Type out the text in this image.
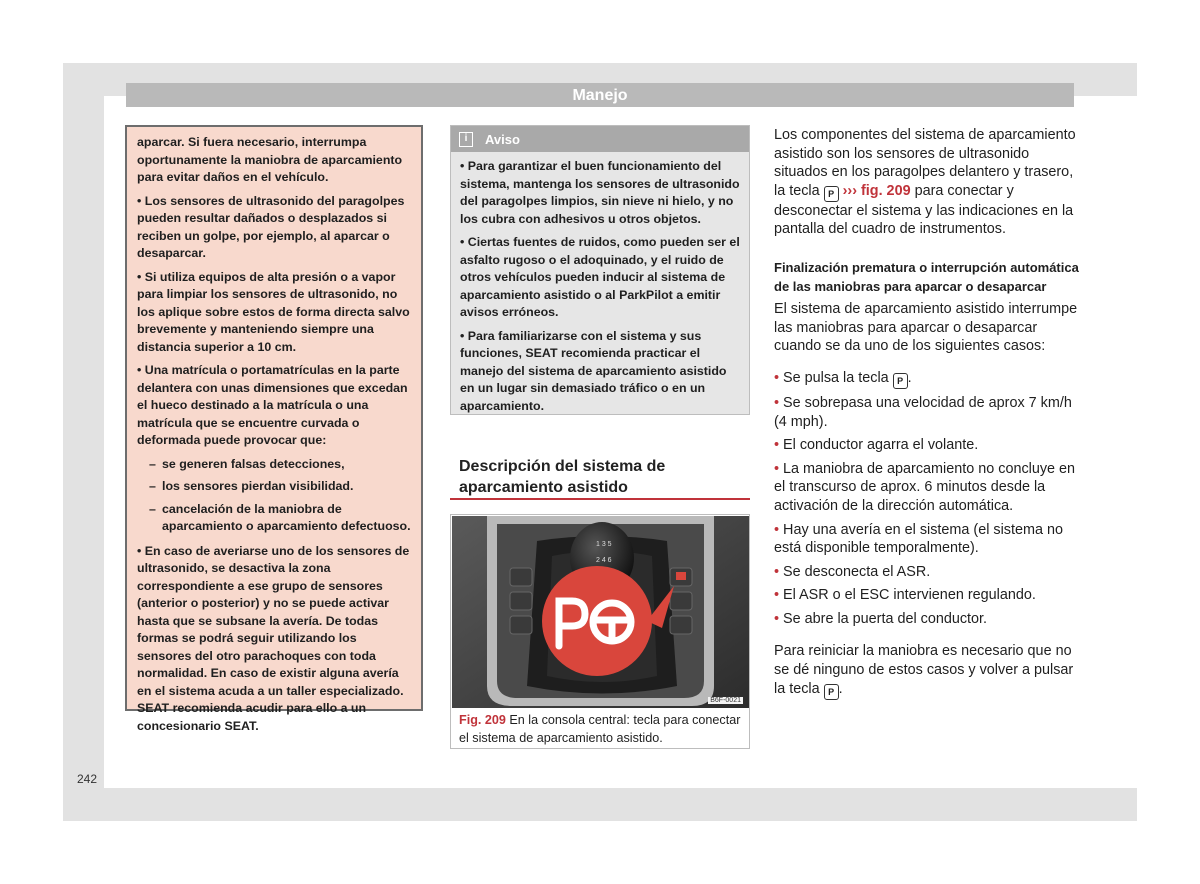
Manejo

aparcar. Si fuera necesario, interrumpa oportunamente la maniobra de aparcamiento para evitar daños en el vehículo.

• Los sensores de ultrasonido del paragolpes pueden resultar dañados o desplazados si reciben un golpe, por ejemplo, al aparcar o desaparcar.

• Si utiliza equipos de alta presión o a vapor para limpiar los sensores de ultrasonido, no los aplique sobre estos de forma directa salvo brevemente y manteniendo siempre una distancia superior a 10 cm.

• Una matrícula o portamatrículas en la parte delantera con unas dimensiones que excedan el hueco destinado a la matrícula o una matrícula que se encuentre curvada o deformada puede provocar que:

– se generen falsas detecciones,
– los sensores pierdan visibilidad.
– cancelación de la maniobra de aparcamiento o aparcamiento defectuoso.

• En caso de averiarse uno de los sensores de ultrasonido, se desactiva la zona correspondiente a ese grupo de sensores (anterior o posterior) y no se puede activar hasta que se subsane la avería. De todas formas se podrá seguir utilizando los sensores del otro parachoques con toda normalidad. En caso de existir alguna avería en el sistema acuda a un taller especializado. SEAT recomienda acudir para ello a un concesionario SEAT.

i	Aviso

• Para garantizar el buen funcionamiento del sistema, mantenga los sensores de ultrasonido del paragolpes limpios, sin nieve ni hielo, y no los cubra con adhesivos u otros objetos.

• Ciertas fuentes de ruidos, como pueden ser el asfalto rugoso o el adoquinado, y el ruido de otros vehículos pueden inducir al sistema de aparcamiento asistido o al ParkPilot a emitir avisos erróneos.

• Para familiarizarse con el sistema y sus funciones, SEAT recomienda practicar el manejo del sistema de aparcamiento asistido en un lugar sin demasiado tráfico o en un aparcamiento.

Descripción del sistema de aparcamiento asistido
1 3 5
2 4 6
B6F-0021
Fig. 209 En la consola central: tecla para conectar el sistema de aparcamiento asistido.

Los componentes del sistema de aparcamiento asistido son los sensores de ultrasonido situados en los paragolpes delantero y trasero, la tecla P ››› fig. 209 para conectar y desconectar el sistema y las indicaciones en la pantalla del cuadro de instrumentos.

Finalización prematura o interrupción automática de las maniobras para aparcar o desaparcar

El sistema de aparcamiento asistido interrumpe las maniobras para aparcar o desaparcar cuando se da uno de los siguientes casos:

• Se pulsa la tecla P .
• Se sobrepasa una velocidad de aprox 7 km/h (4 mph).
• El conductor agarra el volante.
• La maniobra de aparcamiento no concluye en el transcurso de aprox. 6 minutos desde la activación de la dirección automática.
• Hay una avería en el sistema (el sistema no está disponible temporalmente).
• Se desconecta el ASR.
• El ASR o el ESC intervienen regulando.
• Se abre la puerta del conductor.

Para reiniciar la maniobra es necesario que no se dé ninguno de estos casos y volver a pulsar la tecla P .

242
